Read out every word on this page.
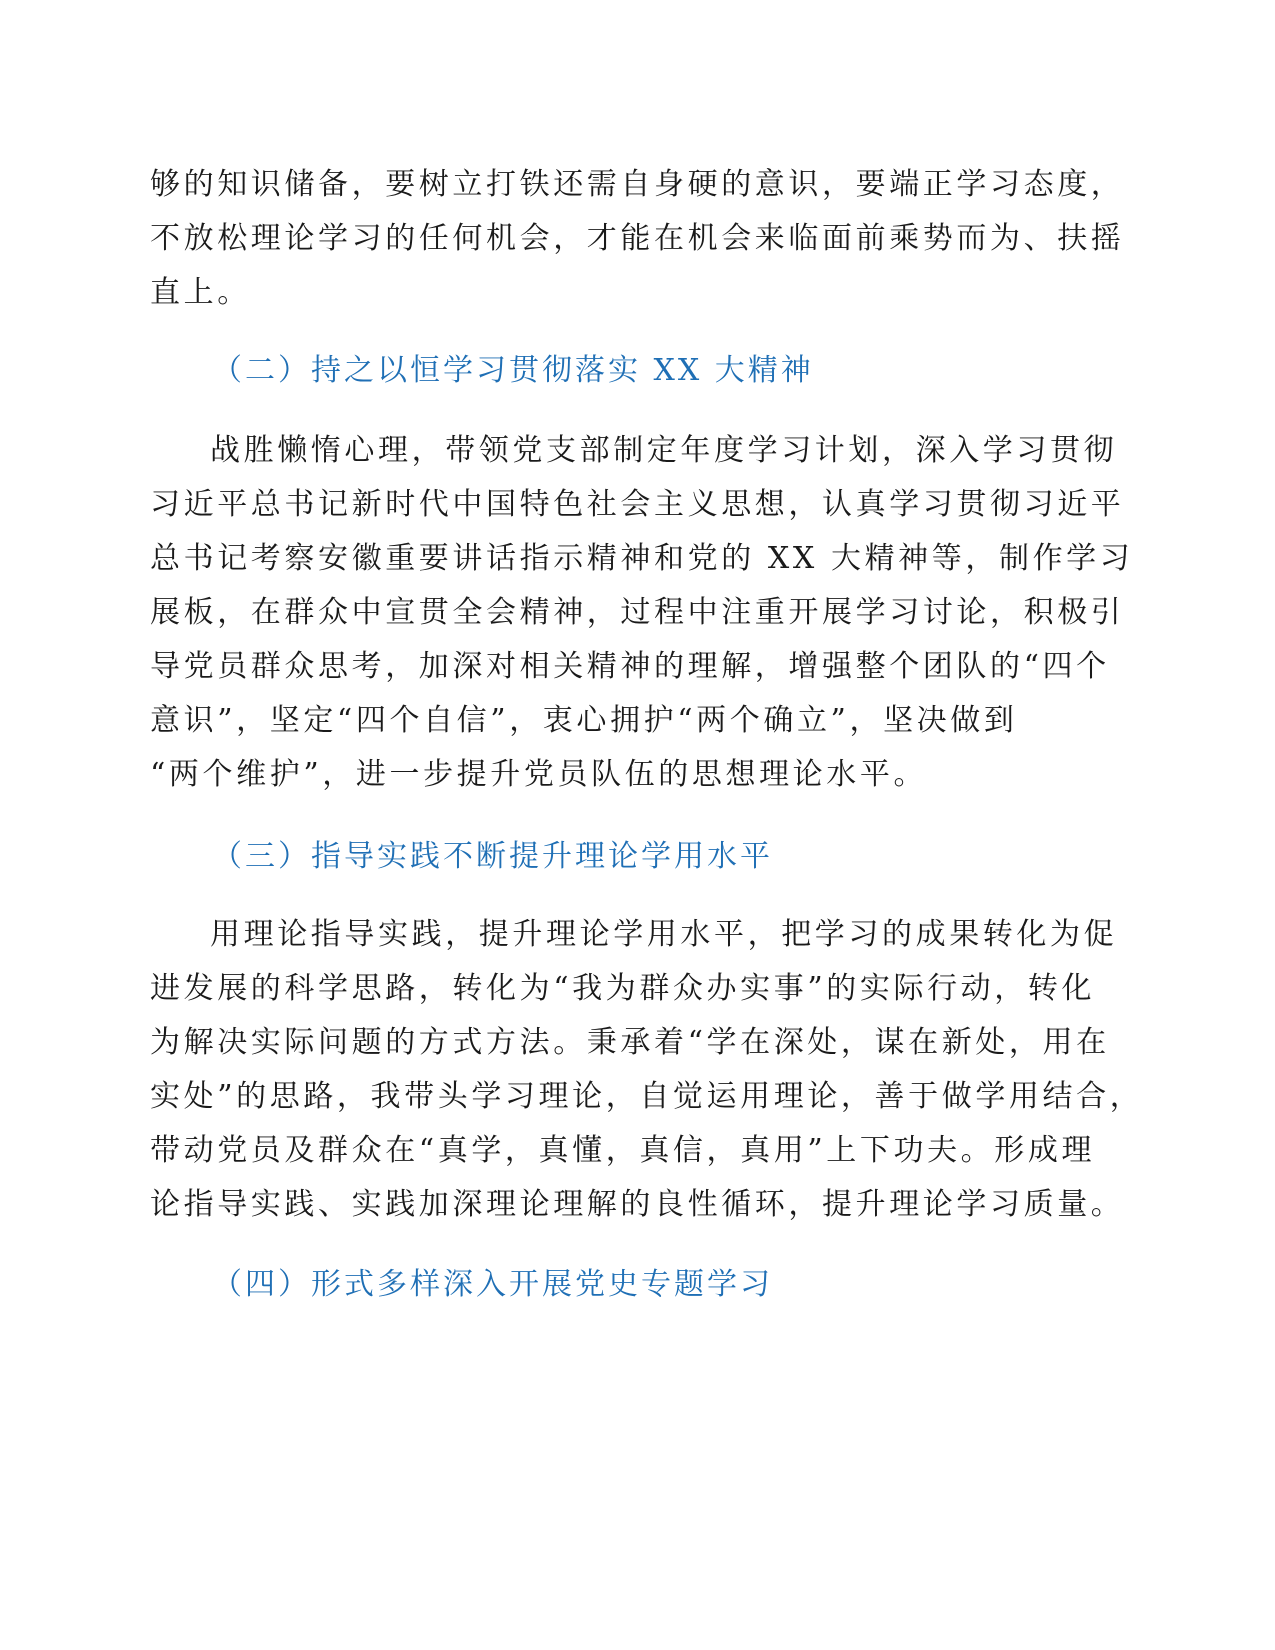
够的知识储备，要树立打铁还需自身硬的意识，要端正学习态度，

不放松理论学习的任何机会，才能在机会来临面前乘势而为、扶摇

直上。

（二）持之以恒学习贯彻落实 XX 大精神

战胜懒惰心理，带领党支部制定年度学习计划，深入学习贯彻

习近平总书记新时代中国特色社会主义思想，认真学习贯彻习近平

总书记考察安徽重要讲话指示精神和党的 XX 大精神等，制作学习

展板，在群众中宣贯全会精神，过程中注重开展学习讨论，积极引

导党员群众思考，加深对相关精神的理解，增强整个团队的“四个

意识”，坚定“四个自信”，衷心拥护“两个确立”，坚决做到

“两个维护”，进一步提升党员队伍的思想理论水平。

（三）指导实践不断提升理论学用水平

用理论指导实践，提升理论学用水平，把学习的成果转化为促

进发展的科学思路，转化为“我为群众办实事”的实际行动，转化

为解决实际问题的方式方法。秉承着“学在深处，谋在新处，用在

实处”的思路，我带头学习理论，自觉运用理论，善于做学用结合，

带动党员及群众在“真学，真懂，真信，真用”上下功夫。形成理

论指导实践、实践加深理论理解的良性循环，提升理论学习质量。

（四）形式多样深入开展党史专题学习
